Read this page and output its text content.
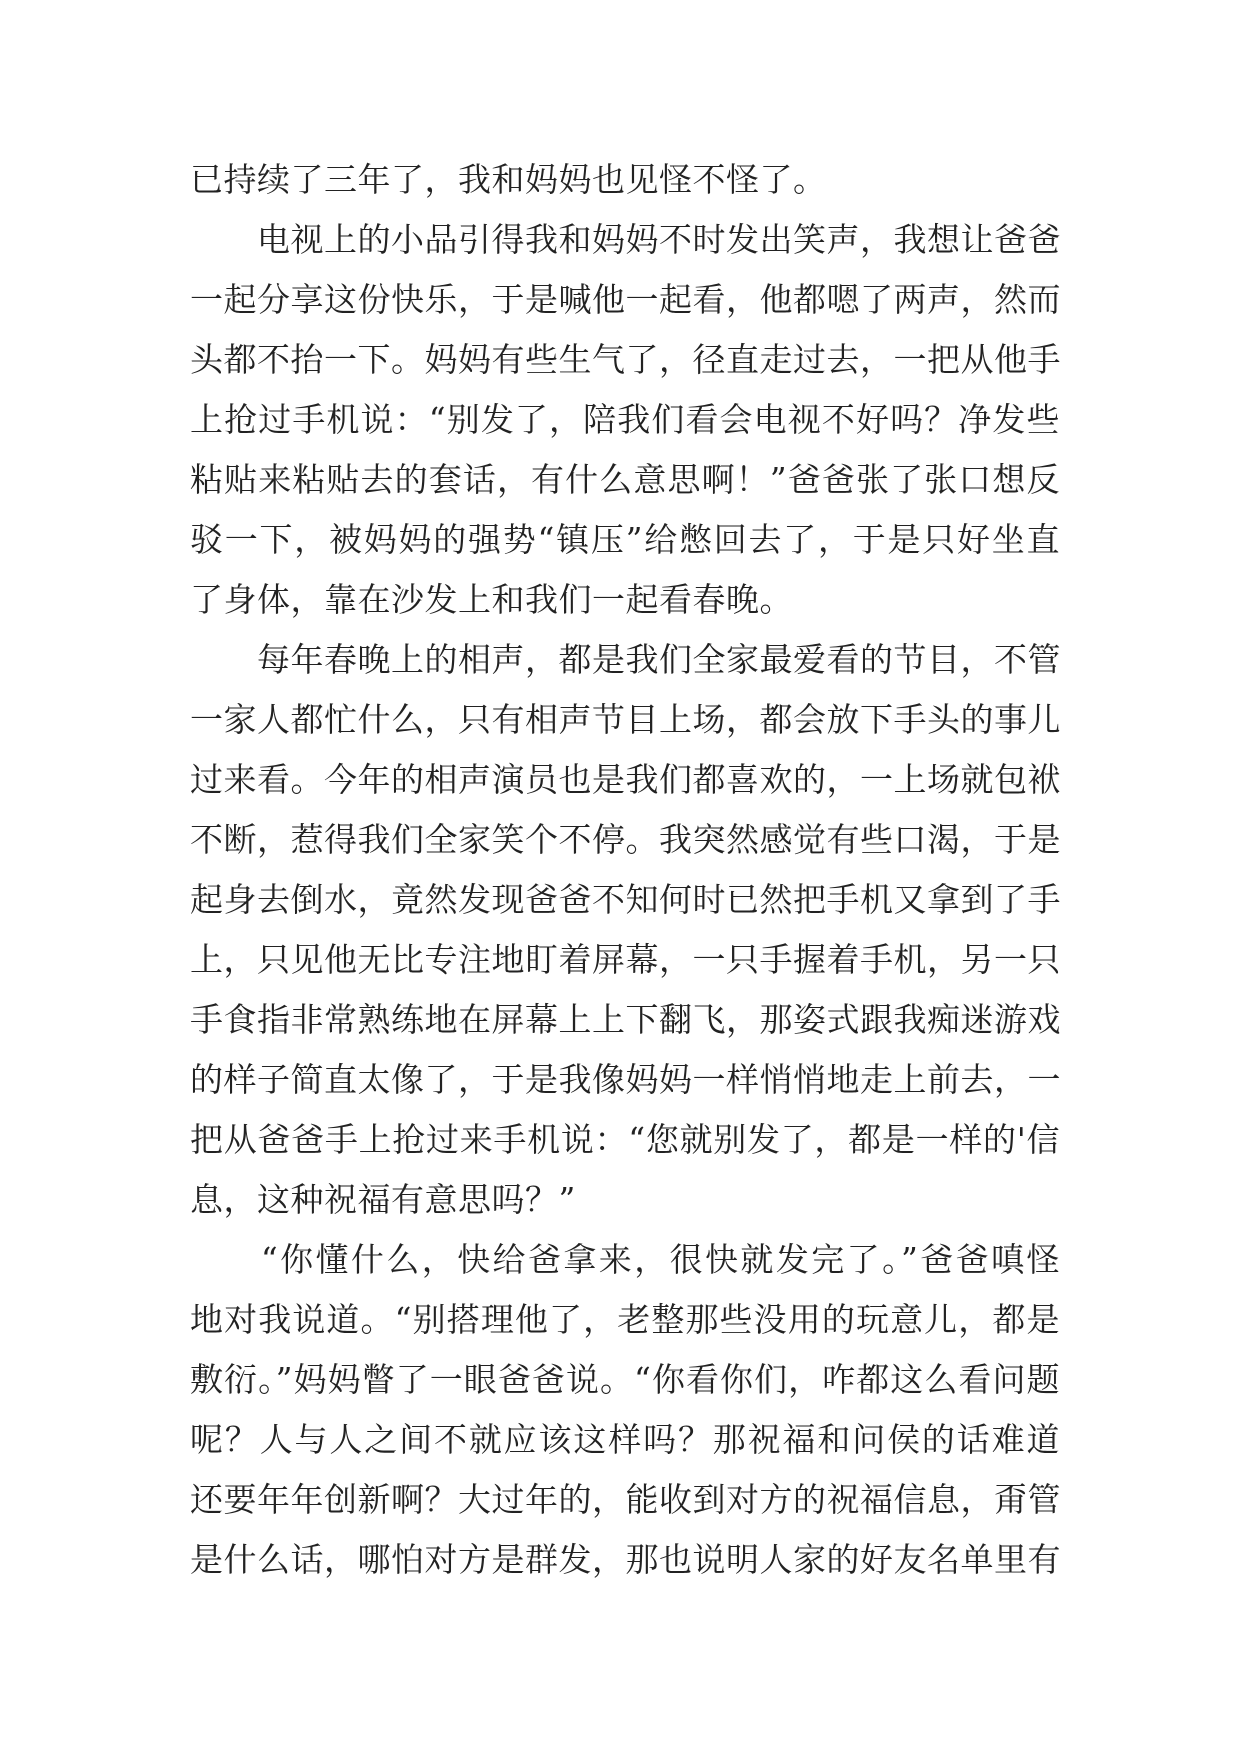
已持续了三年了，我和妈妈也见怪不怪了。
　　电视上的小品引得我和妈妈不时发出笑声，我想让爸爸
一起分享这份快乐，于是喊他一起看，他都嗯了两声，然而
头都不抬一下。妈妈有些生气了，径直走过去，一把从他手
上抢过手机说：“别发了，陪我们看会电视不好吗？净发些
粘贴来粘贴去的套话，有什么意思啊！”爸爸张了张口想反
驳一下，被妈妈的强势“镇压”给憋回去了，于是只好坐直
了身体，靠在沙发上和我们一起看春晚。
　　每年春晚上的相声，都是我们全家最爱看的节目，不管
一家人都忙什么，只有相声节目上场，都会放下手头的事儿
过来看。今年的相声演员也是我们都喜欢的，一上场就包袱
不断，惹得我们全家笑个不停。我突然感觉有些口渴，于是
起身去倒水，竟然发现爸爸不知何时已然把手机又拿到了手
上，只见他无比专注地盯着屏幕，一只手握着手机，另一只
手食指非常熟练地在屏幕上上下翻飞，那姿式跟我痴迷游戏
的样子简直太像了，于是我像妈妈一样悄悄地走上前去，一
把从爸爸手上抢过来手机说：“您就别发了，都是一样的'信
息，这种祝福有意思吗？”
　　“你懂什么，快给爸拿来，很快就发完了。”爸爸嗔怪
地对我说道。“别搭理他了，老整那些没用的玩意儿，都是
敷衍。”妈妈瞥了一眼爸爸说。“你看你们，咋都这么看问题
呢？人与人之间不就应该这样吗？那祝福和问侯的话难道
还要年年创新啊？大过年的，能收到对方的祝福信息，甭管
是什么话，哪怕对方是群发，那也说明人家的好友名单里有
